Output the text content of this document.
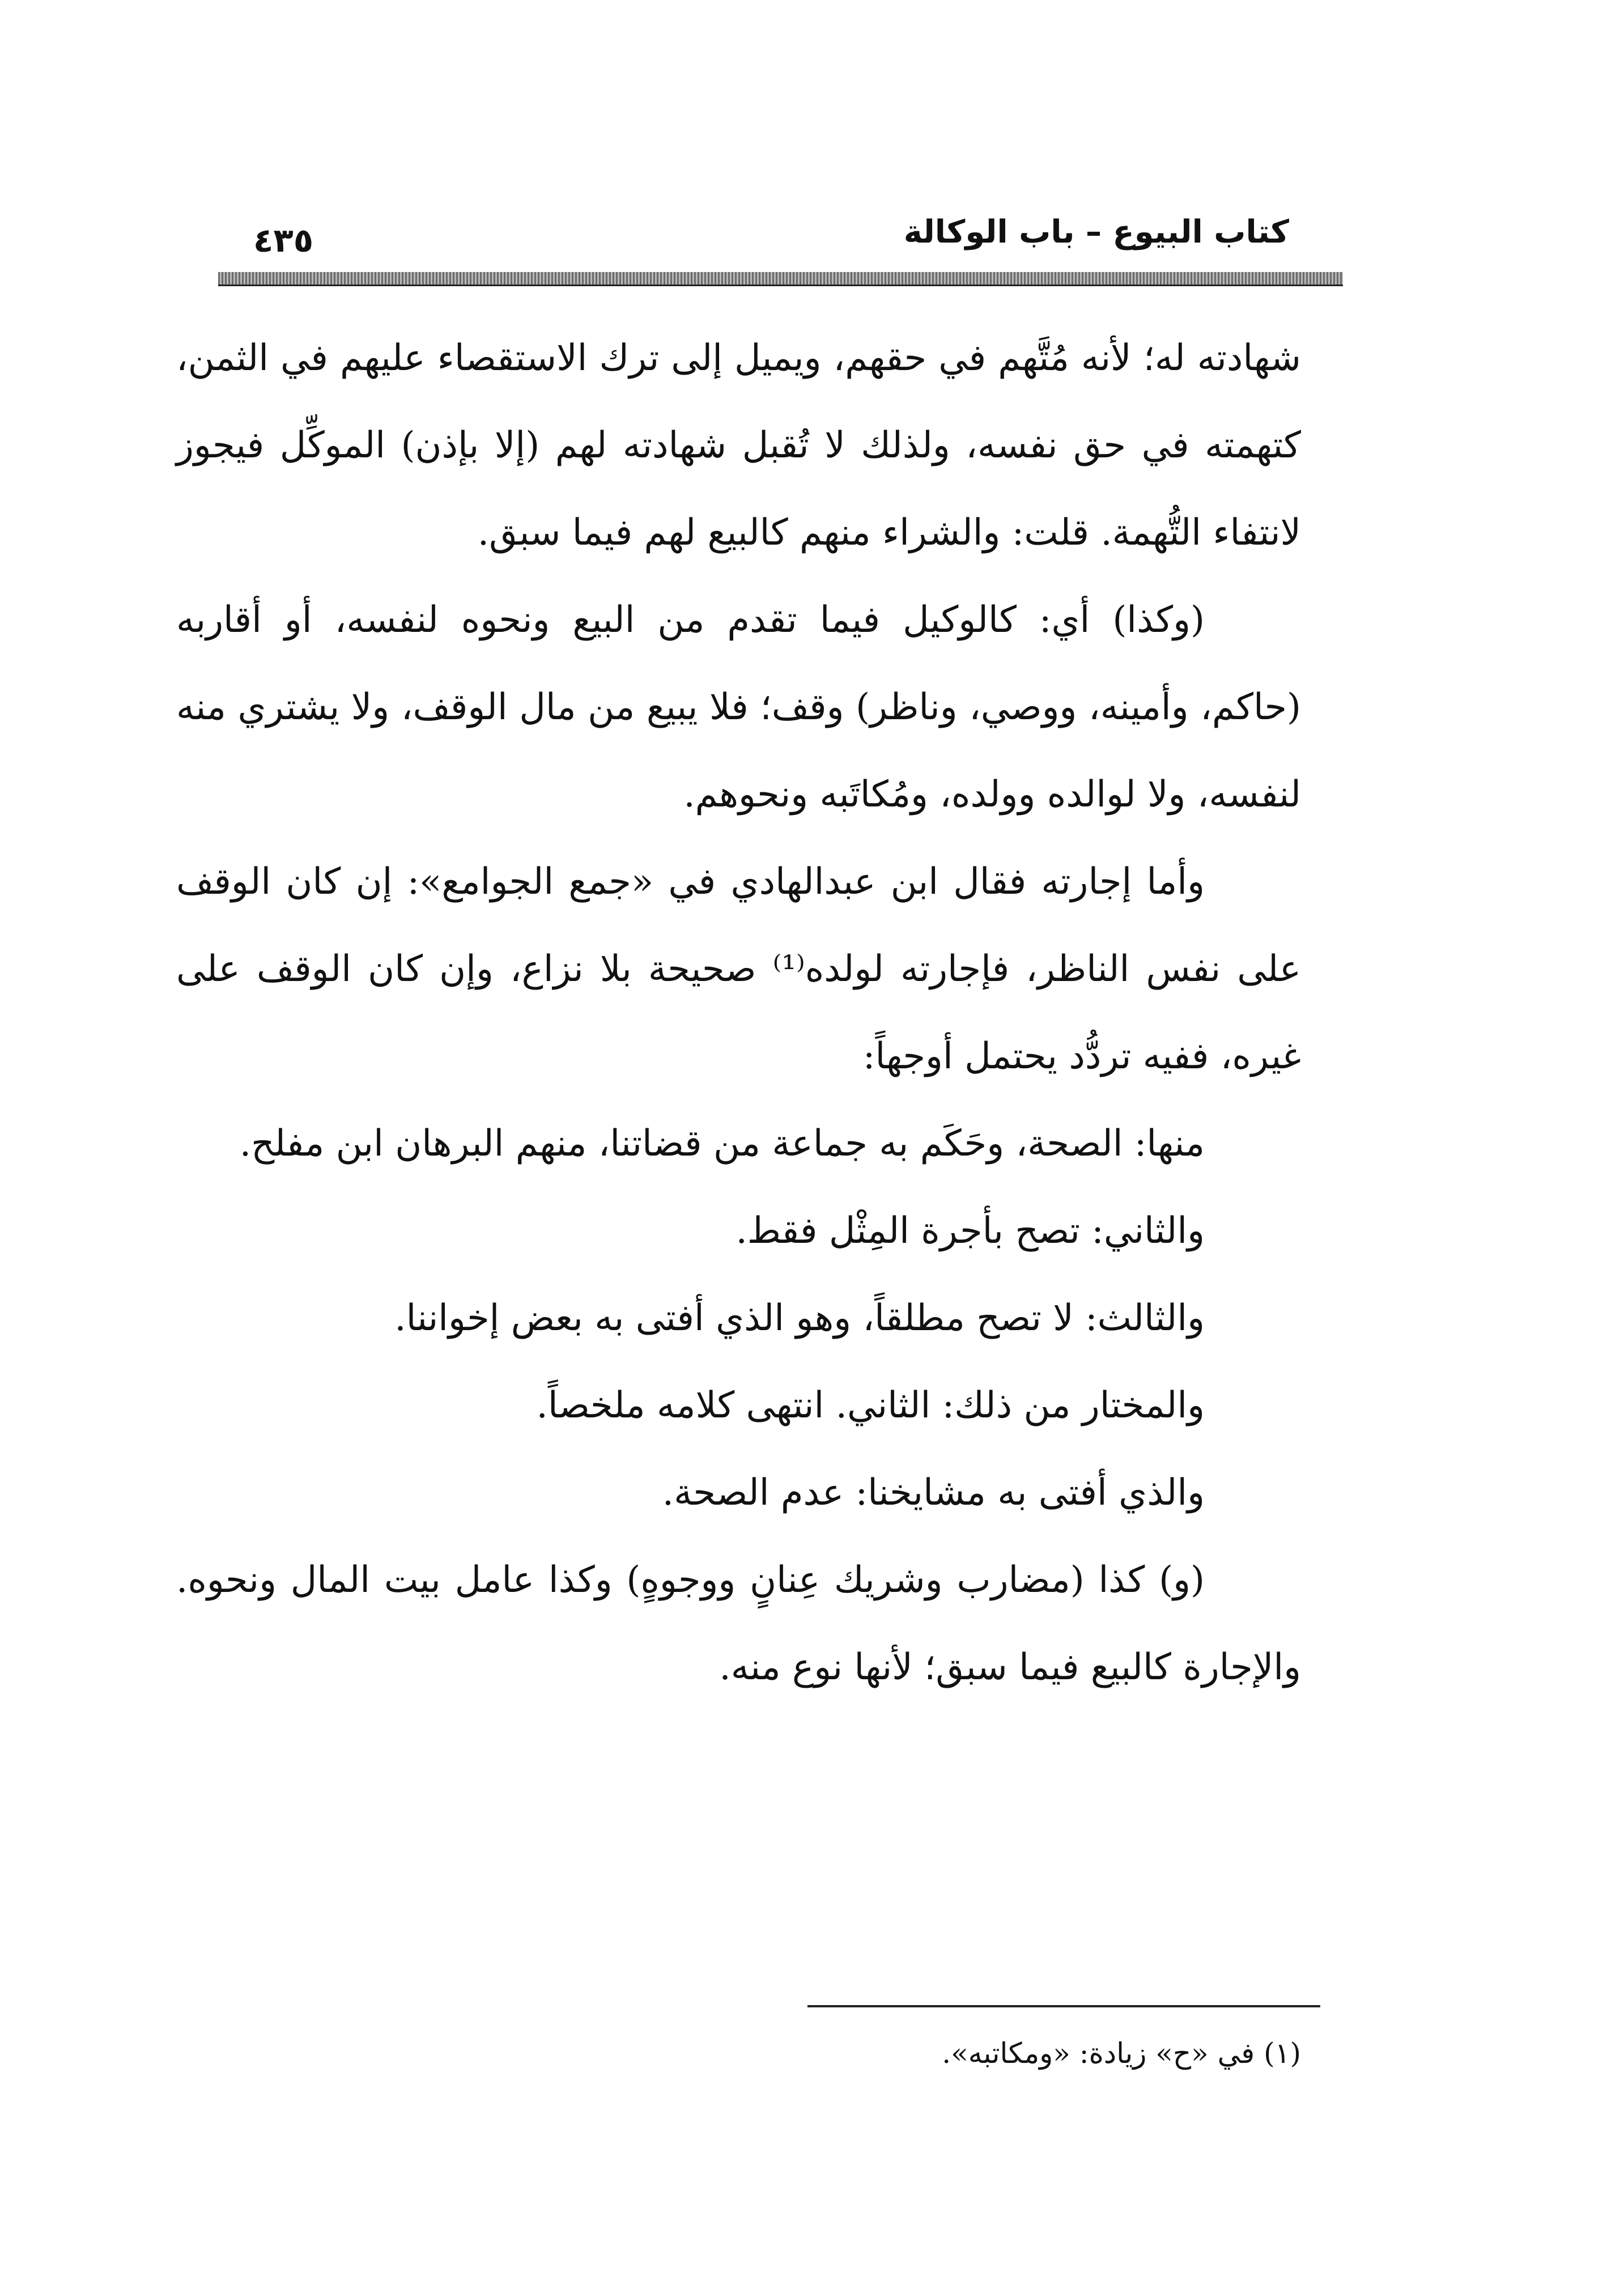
كتاب البيوع – باب الوكالة
٤٣٥

شهادته له؛ لأنه مُتَّهم في حقهم، ويميل إلى ترك الاستقصاء عليهم في الثمن، كتهمته في حق نفسه، ولذلك لا تُقبل شهادته لهم (إلا بإذن) الموكِّل فيجوز لانتفاء التُّهمة. قلت: والشراء منهم كالبيع لهم فيما سبق.

(وكذا) أي: كالوكيل فيما تقدم من البيع ونحوه لنفسه، أو أقاربه (حاكم، وأمينه، ووصي، وناظر) وقف؛ فلا يبيع من مال الوقف، ولا يشتري منه لنفسه، ولا لوالده وولده، ومُكاتَبه ونحوهم.

وأما إجارته فقال ابن عبدالهادي في «جمع الجوامع»: إن كان الوقف على نفس الناظر، فإجارته لولده⁽¹⁾ صحيحة بلا نزاع، وإن كان الوقف على غيره، ففيه تردُّد يحتمل أوجهاً:

منها: الصحة، وحَكَم به جماعة من قضاتنا، منهم البرهان ابن مفلح.

والثاني: تصح بأجرة المِثْل فقط.

والثالث: لا تصح مطلقاً، وهو الذي أفتى به بعض إخواننا.

والمختار من ذلك: الثاني. انتهى كلامه ملخصاً.

والذي أفتى به مشايخنا: عدم الصحة.

(و) كذا (مضارب وشريك عِنانٍ ووجوهٍ) وكذا عامل بيت المال ونحوه. والإجارة كالبيع فيما سبق؛ لأنها نوع منه.

(١) في «ح» زيادة: «ومكاتبه».
